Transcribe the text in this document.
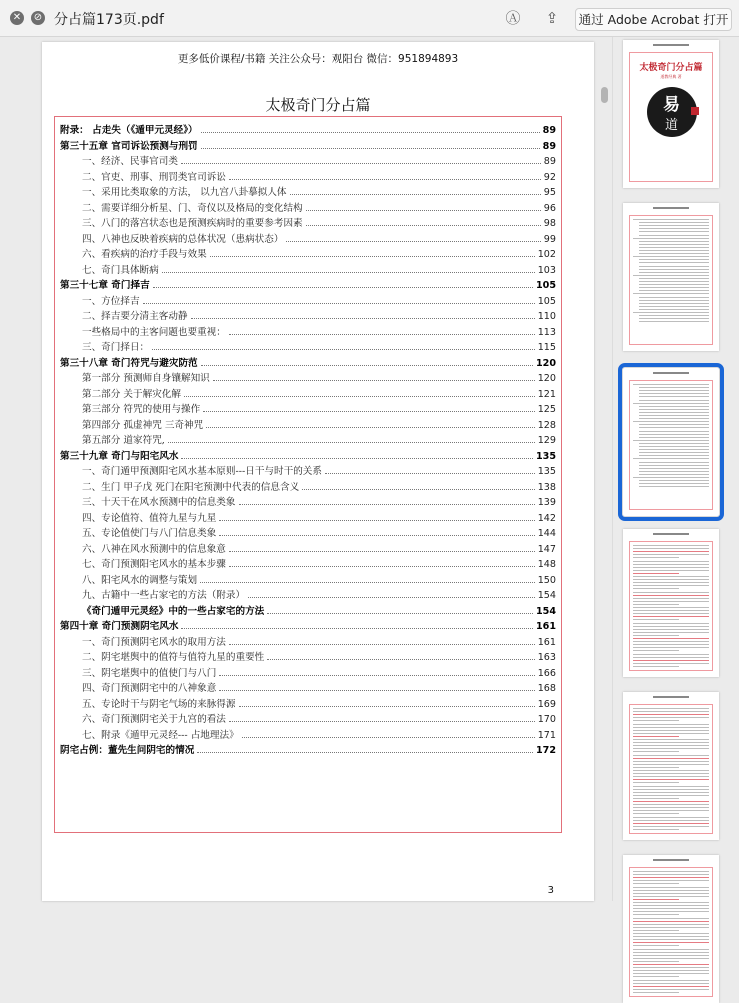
✕ ⊘ 分占篇173页.pdf	Ⓐ ⇪ 通过 Adobe Acrobat 打开
更多低价课程/书籍 关注公众号：观阳台 微信：951894893
太极奇门分占篇
附录： 占走失（《遁甲元灵经》）	89
第三十五章 官司诉讼预测与刑罚	89
一、经济、民事官司类	89
二、官吏、刑事、刑罚类官司诉讼	92
一、采用比类取象的方法， 以九宫八卦摹拟人体	95
二、需要详细分析星、门、奇仪以及格局的变化结构	96
三、八门的落宫状态也是预测疾病时的重要参考因素	98
四、八神也反映着疾病的总体状况（患病状态）	99
六、看疾病的治疗手段与效果	102
七、奇门具体断病	103
第三十七章 奇门择吉	105
一、方位择吉	105
二、择吉要分清主客动静	110
一些格局中的主客问题也要重视：	113
三、奇门择日：	115
第三十八章 奇门符咒与避灾防范	120
第一部分 预测师自身镶解知识	120
第二部分 关于解灾化解	121
第三部分 符咒的使用与操作	125
第四部分 孤虚神咒 三奇神咒	128
第五部分 道家符咒,	129
第三十九章 奇门与阳宅风水	135
一、奇门遁甲预测阳宅风水基本原则---日干与时干的关系	135
二、生门 甲子戊 死门在阳宅预测中代表的信息含义	138
三、十天干在风水预测中的信息类象	139
四、专论值符、值符九星与九星	142
五、专论值使门与八门信息类象	144
六、八神在风水预测中的信息象意	147
七、奇门预测阳宅风水的基本步骤	148
八、阳宅风水的调整与策划	150
九、古籍中一些占家宅的方法（附录）	154
《奇门遁甲元灵经》中的一些占家宅的方法	154
第四十章 奇门预测阴宅风水	161
一、奇门预测阴宅风水的取用方法	161
二、阴宅堪舆中的值符与值符九星的重要性	163
三、阴宅堪舆中的值使门与八门	166
四、奇门预测阴宅中的八神象意	168
五、专论时干与阴宅气场的来脉得源	169
六、奇门预测阴宅关于九宫的看法	170
七、附录《遁甲元灵经--- 占地理法》	171
阴宅占例：董先生问阴宅的情况	172
3
太极奇门分占篇
道教经典 著
易
道
